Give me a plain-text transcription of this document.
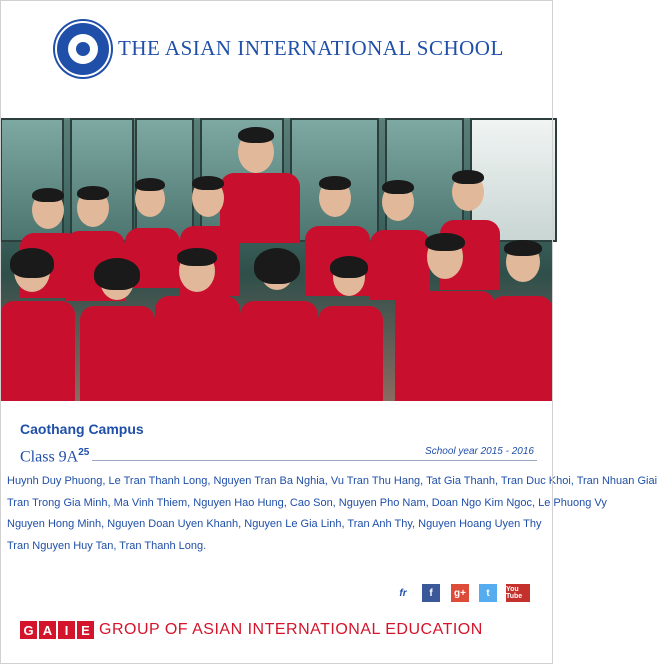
THE ASIAN INTERNATIONAL SCHOOL
Caothang Campus
Class $9A^{25}$	School year 2015 - 2016
Huynh Duy Phuong, Le Tran Thanh Long, Nguyen Tran Ba Nghia, Vu Tran Thu Hang, Tat Gia Thanh, Tran Duc Khoi, Tran Nhuan Giai
Tran Trong Gia Minh, Ma Vinh Thiem, Nguyen Hao Hung, Cao Son, Nguyen Pho Nam, Doan Ngo Kim Ngoc, Le Phuong Vy
Nguyen Hong Minh, Nguyen Doan Uyen Khanh, Nguyen Le Gia Linh, Tran Anh Thy, Nguyen Hoang Uyen Thy
Tran Nguyen Huy Tan, Tran Thanh Long.
fr	f	g+	t	You Tube
G A I E GROUP OF ASIAN INTERNATIONAL EDUCATION
